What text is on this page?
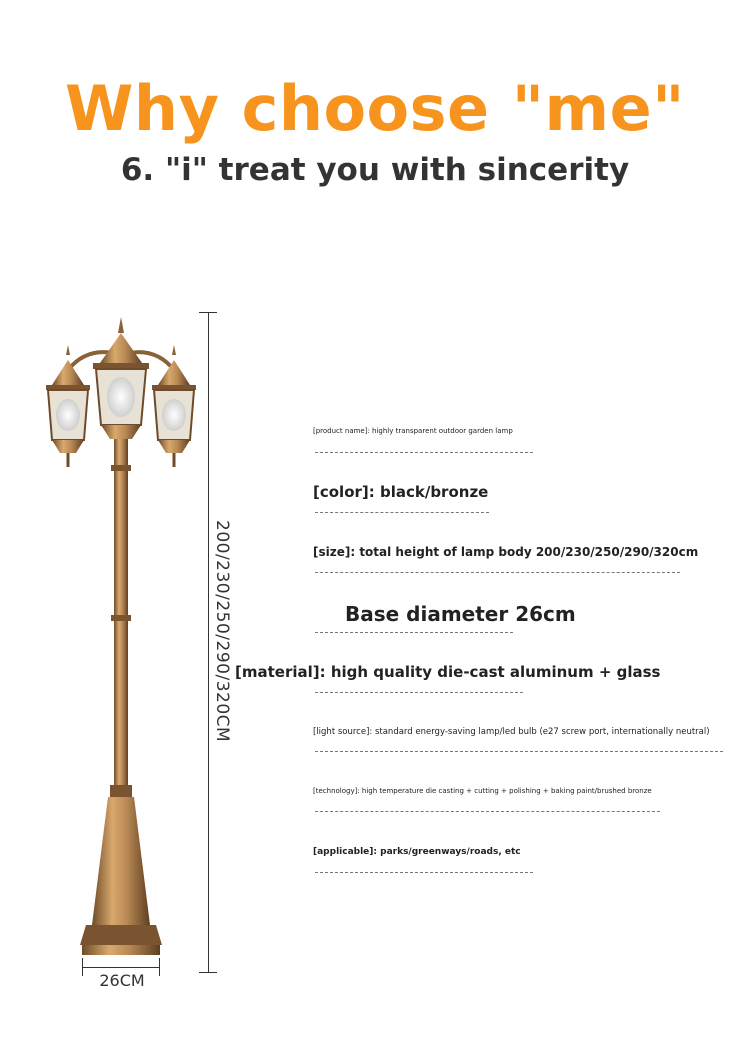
Why choose "me"
6. "i" treat you with sincerity
200/230/250/290/320CM
26CM
[product name]: highly transparent outdoor garden lamp
[color]: black/bronze
[size]: total height of lamp body 200/230/250/290/320cm
Base diameter 26cm
[material]: high quality die-cast aluminum + glass
[light source]: standard energy-saving lamp/led bulb (e27 screw port, internationally neutral)
[technology]: high temperature die casting + cutting + polishing + baking paint/brushed bronze
[applicable]: parks/greenways/roads, etc
